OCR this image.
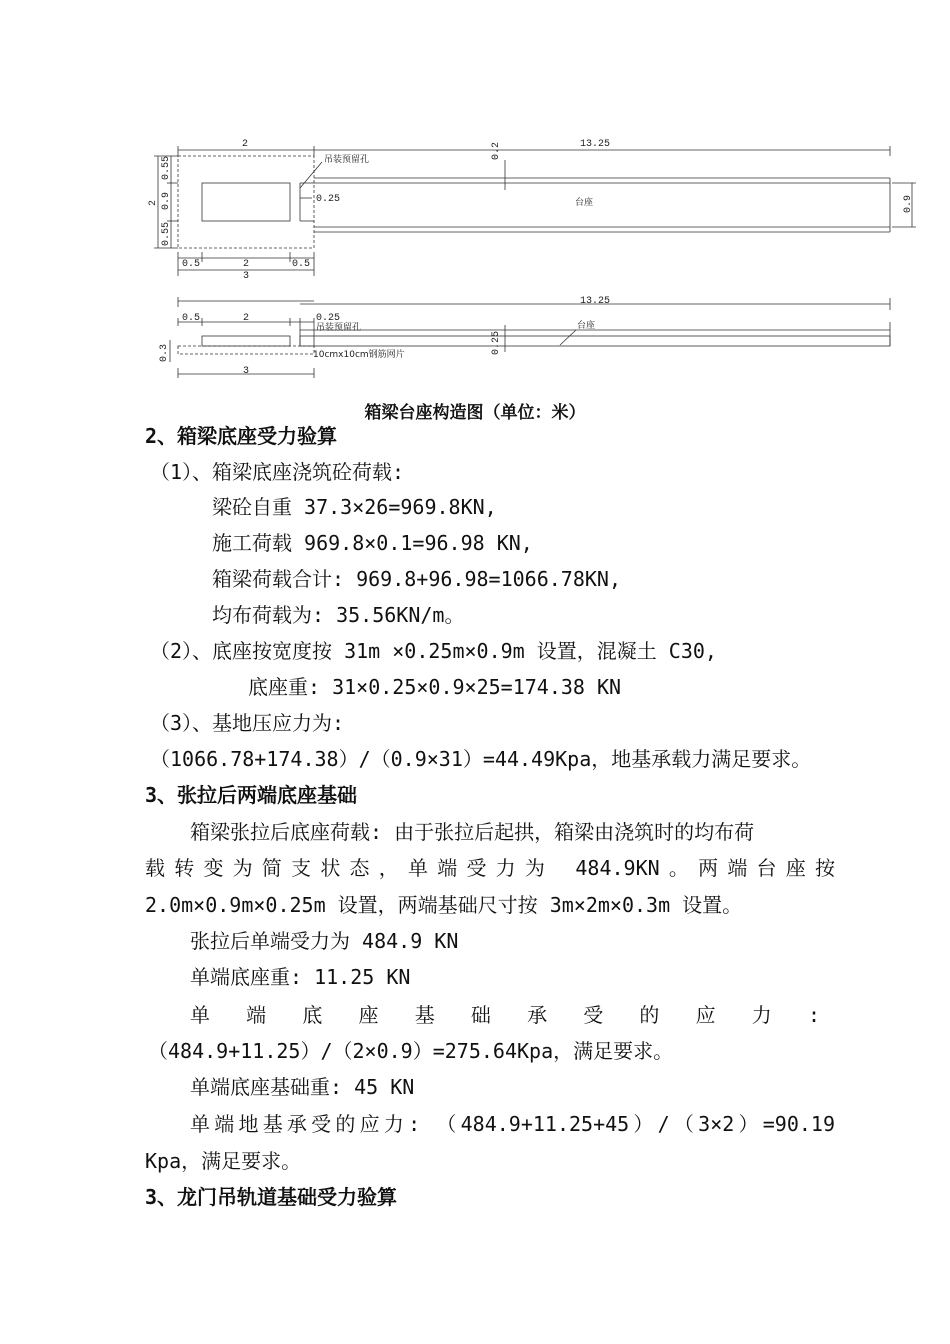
2	13.25
0.2
0.55
0.9
2
0.55
0.25	0.9
0.5	2	0.5
3
吊装预留孔
台座
0.5	2	0.25
13.25
吊装预留孔	台座
0.25
0.3	10cmx10cm钢筋网片
3
箱梁台座构造图（单位：米）
2、箱梁底座受力验算
（1）、箱梁底座浇筑砼荷载:
梁砼自重 37.3×26=969.8KN,
施工荷载 969.8×0.1=96.98 KN,
箱梁荷载合计: 969.8+96.98=1066.78KN,
均布荷载为: 35.56KN/m。
（2）、底座按宽度按 31m ×0.25m×0.9m 设置，混凝土 C30,
底座重: 31×0.25×0.9×25=174.38 KN
（3）、基地压应力为:
（1066.78+174.38）/（0.9×31）=44.49Kpa，地基承载力满足要求。
3、张拉后两端底座基础
箱梁张拉后底座荷载: 由于张拉后起拱，箱梁由浇筑时的均布荷
载转变为简支状态，单端受力为 484.9KN。两端台座按
2.0m×0.9m×0.25m 设置，两端基础尺寸按 3m×2m×0.3m 设置。
张拉后单端受力为 484.9 KN
单端底座重: 11.25 KN
单端底座基础承受的应力:
（484.9+11.25）/（2×0.9）=275.64Kpa，满足要求。
单端底座基础重: 45 KN
单端地基承受的应力: （484.9+11.25+45）/（3×2）=90.19
Kpa，满足要求。
3、龙门吊轨道基础受力验算
